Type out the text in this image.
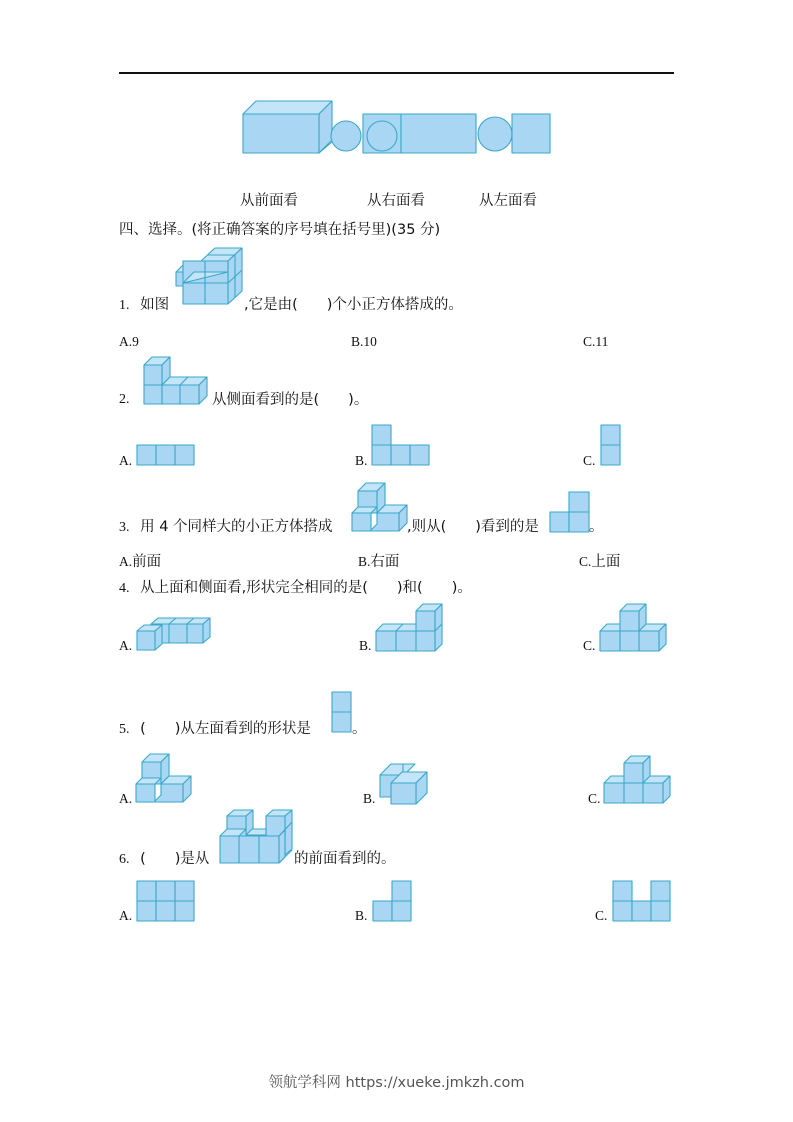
从前面看	从右面看	从左面看
四、选择。(将正确答案的序号填在括号里)(35 分)
1. 如图	,它是由(　　)个小正方体搭成的。
A.9	B.10	C.11
2.	从侧面看到的是(　　)。
A.	B.	C.
3. 用 4 个同样大的小正方体搭成	,则从(　　)看到的是	。
A.前面	B.右面	C.上面
4. 从上面和侧面看,形状完全相同的是(　　)和(　　)。
A.	B.	C.
5. (　　)从左面看到的形状是	。
A.	B.	C.
6. (　　)是从	的前面看到的。
A.	B.	C.
领航学科网 https://xueke.jmkzh.com
